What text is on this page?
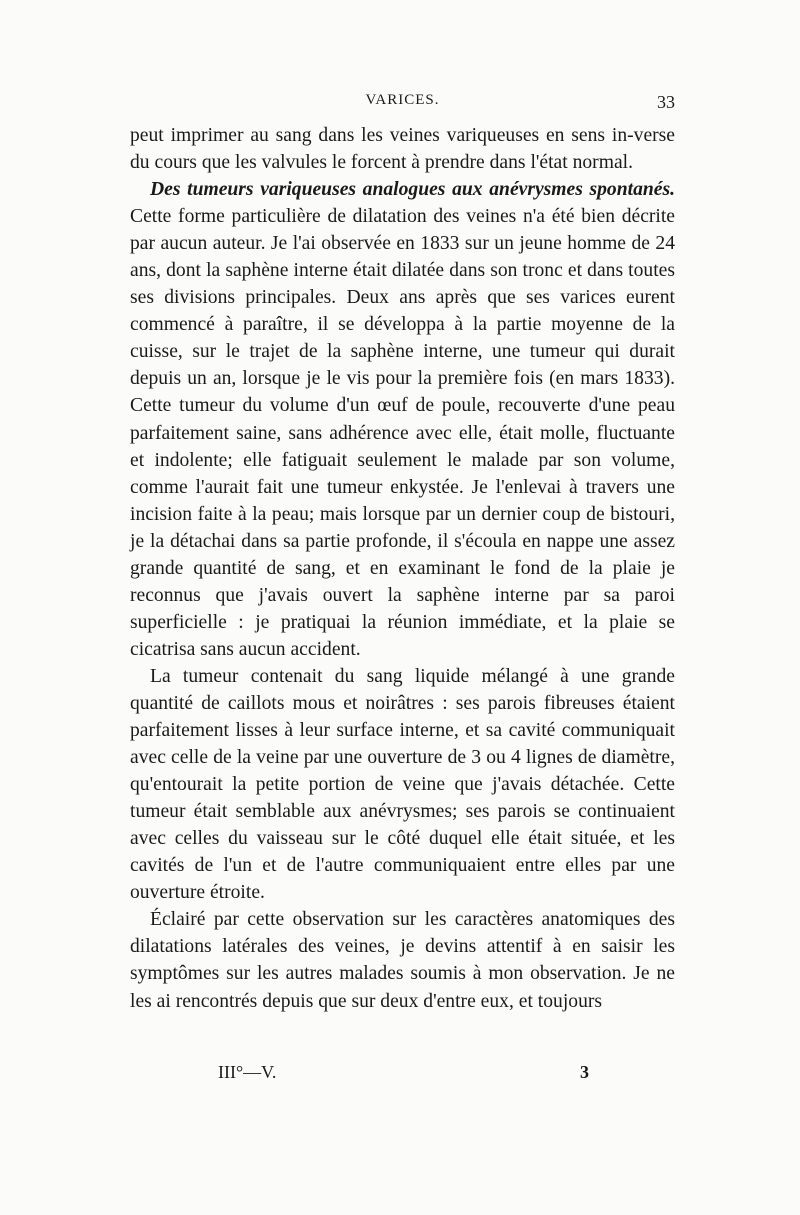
VARICES.	33

peut imprimer au sang dans les veines variqueuses en sens in-verse du cours que les valvules le forcent à prendre dans l'état normal.

Des tumeurs variqueuses analogues aux anévrysmes spontanés. Cette forme particulière de dilatation des veines n'a été bien décrite par aucun auteur. Je l'ai observée en 1833 sur un jeune homme de 24 ans, dont la saphène interne était dilatée dans son tronc et dans toutes ses divisions principales. Deux ans après que ses varices eurent commencé à paraître, il se développa à la partie moyenne de la cuisse, sur le trajet de la saphène interne, une tumeur qui durait depuis un an, lorsque je le vis pour la première fois (en mars 1833). Cette tumeur du volume d'un œuf de poule, recouverte d'une peau parfaitement saine, sans adhérence avec elle, était molle, fluctuante et indolente; elle fatiguait seulement le malade par son volume, comme l'aurait fait une tumeur enkystée. Je l'enlevai à travers une incision faite à la peau; mais lorsque par un dernier coup de bistouri, je la détachai dans sa partie profonde, il s'écoula en nappe une assez grande quantité de sang, et en examinant le fond de la plaie je reconnus que j'avais ouvert la saphène interne par sa paroi superficielle : je pratiquai la réunion immédiate, et la plaie se cicatrisa sans aucun accident.

La tumeur contenait du sang liquide mélangé à une grande quantité de caillots mous et noirâtres : ses parois fibreuses étaient parfaitement lisses à leur surface interne, et sa cavité communiquait avec celle de la veine par une ouverture de 3 ou 4 lignes de diamètre, qu'entourait la petite portion de veine que j'avais détachée. Cette tumeur était semblable aux anévrysmes; ses parois se continuaient avec celles du vaisseau sur le côté duquel elle était située, et les cavités de l'un et de l'autre communiquaient entre elles par une ouverture étroite.

Éclairé par cette observation sur les caractères anatomiques des dilatations latérales des veines, je devins attentif à en saisir les symptômes sur les autres malades soumis à mon observation. Je ne les ai rencontrés depuis que sur deux d'entre eux, et toujours

III°—V.	3
